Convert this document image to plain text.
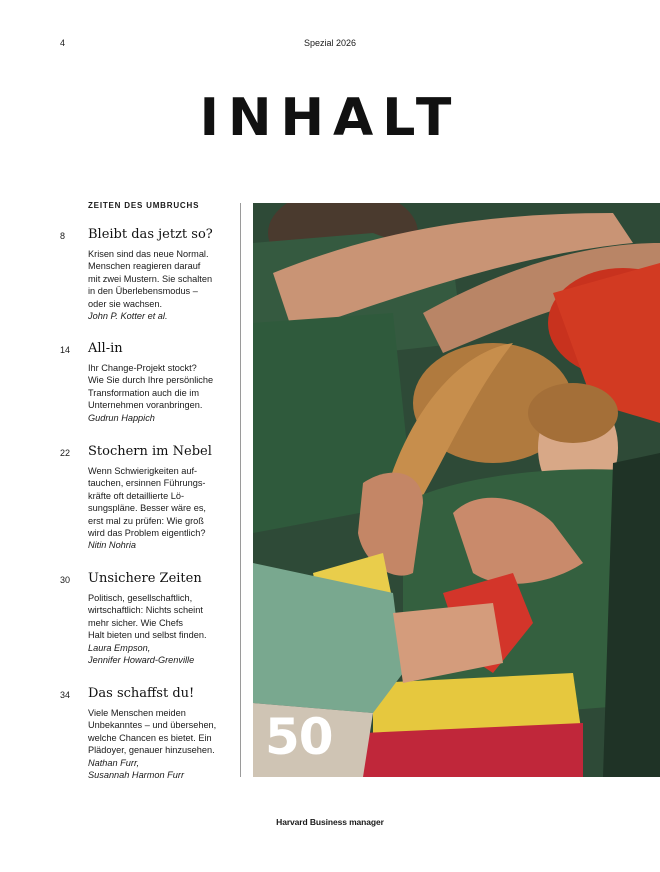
4	Spezial 2026
INHALT
ZEITEN DES UMBRUCHS
8 Bleibt das jetzt so?
Krisen sind das neue Normal.
Menschen reagieren darauf
mit zwei Mustern. Sie schalten
in den Überlebensmodus –
oder sie wachsen.
John P. Kotter et al.
14 All-in
Ihr Change-Projekt stockt?
Wie Sie durch Ihre persönliche
Transformation auch die im
Unternehmen voranbringen.
Gudrun Happich
22 Stochern im Nebel
Wenn Schwierigkeiten auf-
tauchen, ersinnen Führungs-
kräfte oft detaillierte Lö-
sungspläne. Besser wäre es,
erst mal zu prüfen: Wie groß
wird das Problem eigentlich?
Nitin Nohria
30 Unsichere Zeiten
Politisch, gesellschaftlich,
wirtschaftlich: Nichts scheint
mehr sicher. Wie Chefs
Halt bieten und selbst finden.
Laura Empson,
Jennifer Howard-Grenville
34 Das schaffst du!
Viele Menschen meiden
Unbekanntes – und übersehen,
welche Chancen es bietet. Ein
Plädoyer, genauer hinzusehen.
Nathan Furr,
Susannah Harmon Furr
50
Harvard Business manager
